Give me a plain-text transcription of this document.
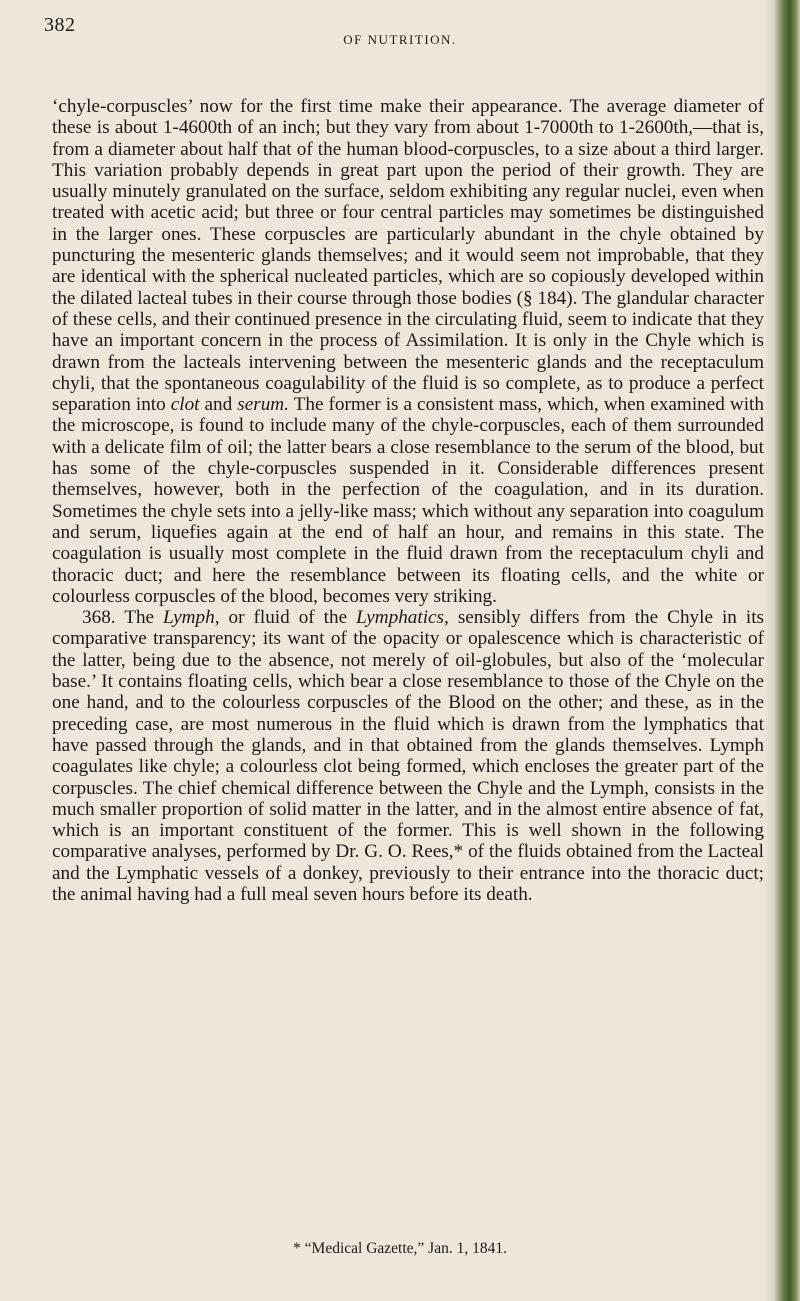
382
OF NUTRITION.

‘chyle-corpuscles’ now for the first time make their appearance. The average diameter of these is about 1-4600th of an inch; but they vary from about 1-7000th to 1-2600th,—that is, from a diameter about half that of the human blood-corpuscles, to a size about a third larger. This variation probably depends in great part upon the period of their growth. They are usually minutely granulated on the surface, seldom exhibiting any regular nuclei, even when treated with acetic acid; but three or four central particles may sometimes be distinguished in the larger ones. These corpuscles are particularly abundant in the chyle obtained by puncturing the mesenteric glands themselves; and it would seem not improbable, that they are identical with the spherical nucleated particles, which are so copiously developed within the dilated lacteal tubes in their course through those bodies (§ 184). The glandular character of these cells, and their continued presence in the circulating fluid, seem to indicate that they have an important concern in the process of Assimilation. It is only in the Chyle which is drawn from the lacteals intervening between the mesenteric glands and the receptaculum chyli, that the spontaneous coagulability of the fluid is so complete, as to produce a perfect separation into clot and serum. The former is a consistent mass, which, when examined with the microscope, is found to include many of the chyle-corpuscles, each of them surrounded with a delicate film of oil; the latter bears a close resemblance to the serum of the blood, but has some of the chyle-corpuscles suspended in it. Considerable differences present themselves, however, both in the perfection of the coagulation, and in its duration. Sometimes the chyle sets into a jelly-like mass; which without any separation into coagulum and serum, liquefies again at the end of half an hour, and remains in this state. The coagulation is usually most complete in the fluid drawn from the receptaculum chyli and thoracic duct; and here the resemblance between its floating cells, and the white or colourless corpuscles of the blood, becomes very striking.

368. The Lymph, or fluid of the Lymphatics, sensibly differs from the Chyle in its comparative transparency; its want of the opacity or opalescence which is characteristic of the latter, being due to the absence, not merely of oil-globules, but also of the ‘molecular base.’ It contains floating cells, which bear a close resemblance to those of the Chyle on the one hand, and to the colourless corpuscles of the Blood on the other; and these, as in the preceding case, are most numerous in the fluid which is drawn from the lymphatics that have passed through the glands, and in that obtained from the glands themselves. Lymph coagulates like chyle; a colourless clot being formed, which encloses the greater part of the corpuscles. The chief chemical difference between the Chyle and the Lymph, consists in the much smaller proportion of solid matter in the latter, and in the almost entire absence of fat, which is an important constituent of the former. This is well shown in the following comparative analyses, performed by Dr. G. O. Rees,* of the fluids obtained from the Lacteal and the Lymphatic vessels of a donkey, previously to their entrance into the thoracic duct; the animal having had a full meal seven hours before its death.

* “Medical Gazette,” Jan. 1, 1841.
